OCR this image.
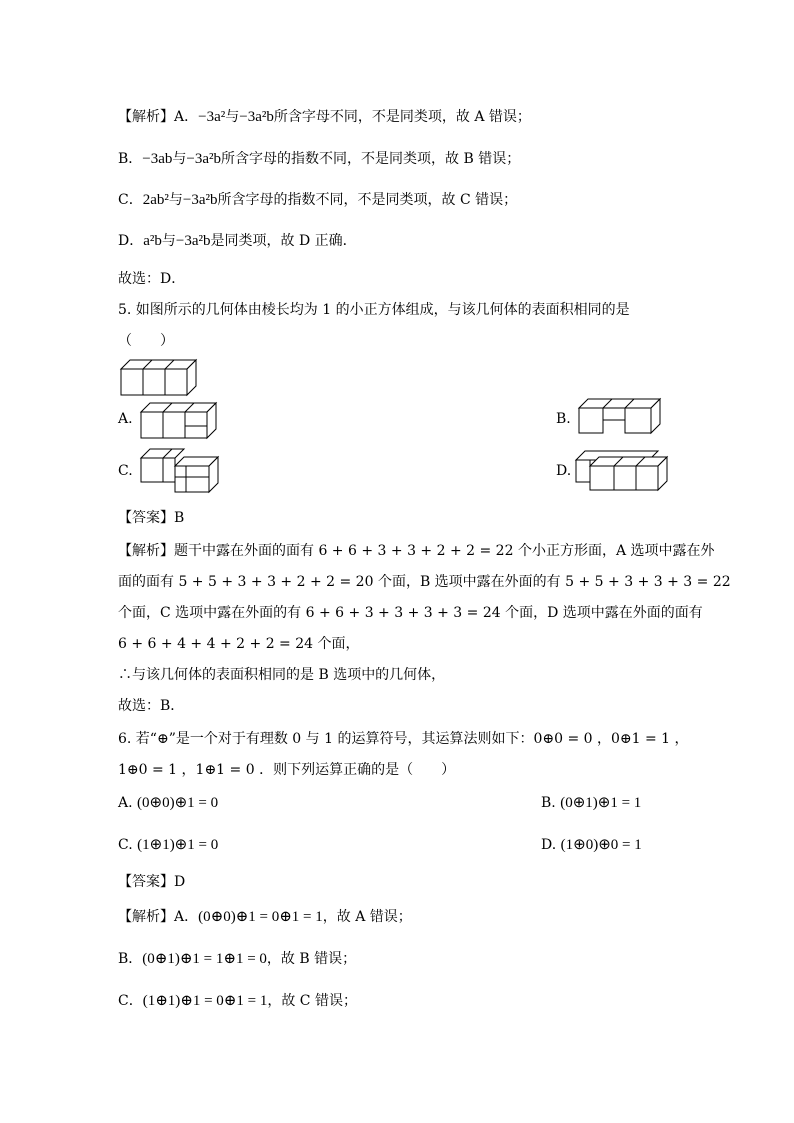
【解析】A．−3a²与−3a²b所含字母不同，不是同类项，故 A 错误；
B．−3ab与−3a²b所含字母的指数不同，不是同类项，故 B 错误；
C．2ab²与−3a²b所含字母的指数不同，不是同类项，故 C 错误；
D．a²b与−3a²b是同类项，故 D 正确．
故选：D．
5. 如图所示的几何体由棱长均为 1 的小正方体组成，与该几何体的表面积相同的是
（　　）
A.	B.
C.	D.
【答案】B
【解析】题干中露在外面的面有 6 + 6 + 3 + 3 + 2 + 2 = 22 个小正方形面，A 选项中露在外
面的面有 5 + 5 + 3 + 3 + 2 + 2 = 20 个面，B 选项中露在外面的有 5 + 5 + 3 + 3 + 3 = 22
个面，C 选项中露在外面的有 6 + 6 + 3 + 3 + 3 + 3 = 24 个面，D 选项中露在外面的面有
6 + 6 + 4 + 4 + 2 + 2 = 24 个面，
∴与该几何体的表面积相同的是 B 选项中的几何体，
故选：B．
6. 若“⊕”是一个对于有理数 0 与 1 的运算符号，其运算法则如下：0⊕0 = 0 ，0⊕1 = 1 ，
1⊕0 = 1 ，1⊕1 = 0 ．则下列运算正确的是（　　）
A. (0⊕0)⊕1 = 0	B. (0⊕1)⊕1 = 1
C. (1⊕1)⊕1 = 0	D. (1⊕0)⊕0 = 1
【答案】D
【解析】A．(0⊕0)⊕1 = 0⊕1 = 1，故 A 错误；
B．(0⊕1)⊕1 = 1⊕1 = 0，故 B 错误；
C．(1⊕1)⊕1 = 0⊕1 = 1，故 C 错误；
